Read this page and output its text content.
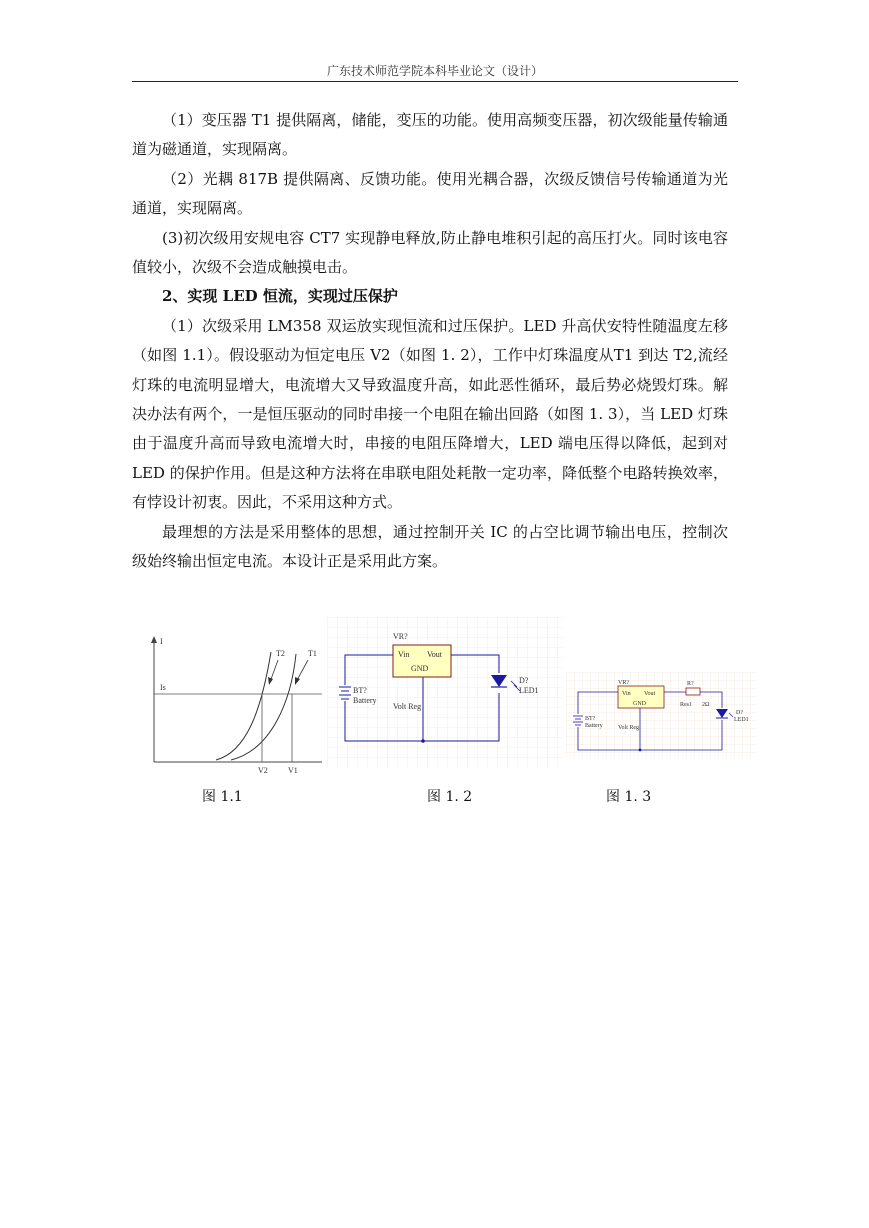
广东技术师范学院本科毕业论文（设计）

（1）变压器 T1 提供隔离，储能，变压的功能。使用高频变压器，初次级能量传输通道为磁通道，实现隔离。

（2）光耦 817B 提供隔离、反馈功能。使用光耦合器，次级反馈信号传输通道为光通道，实现隔离。

(3)初次级用安规电容 CT7 实现静电释放,防止静电堆积引起的高压打火。同时该电容值较小，次级不会造成触摸电击。

2、实现 LED 恒流，实现过压保护

（1）次级采用 LM358 双运放实现恒流和过压保护。LED 升高伏安特性随温度左移（如图 1.1）。假设驱动为恒定电压 V2（如图 1. 2），工作中灯珠温度从T1 到达 T2,流经灯珠的电流明显增大，电流增大又导致温度升高，如此恶性循环，最后势必烧毁灯珠。解决办法有两个，一是恒压驱动的同时串接一个电阻在输出回路（如图 1. 3），当 LED 灯珠由于温度升高而导致电流增大时，串接的电阻压降增大，LED 端电压得以降低，起到对 LED 的保护作用。但是这种方法将在串联电阻处耗散一定功率，降低整个电路转换效率，有悖设计初衷。因此，不采用这种方式。

最理想的方法是采用整体的思想，通过控制开关 IC 的占空比调节输出电压，控制次级始终输出恒定电流。本设计正是采用此方案。

I
Is
T2	T1
V2	V1
VR?
Vin Vout
GND
BT?
Battery
Volt Reg
D?
LED1
VR?
Vin Vout
GND
R?
Res1 2Ω
BT?
Battery	Volt Reg
D?
LED1
图 1.1	图 1. 2	图 1. 3
